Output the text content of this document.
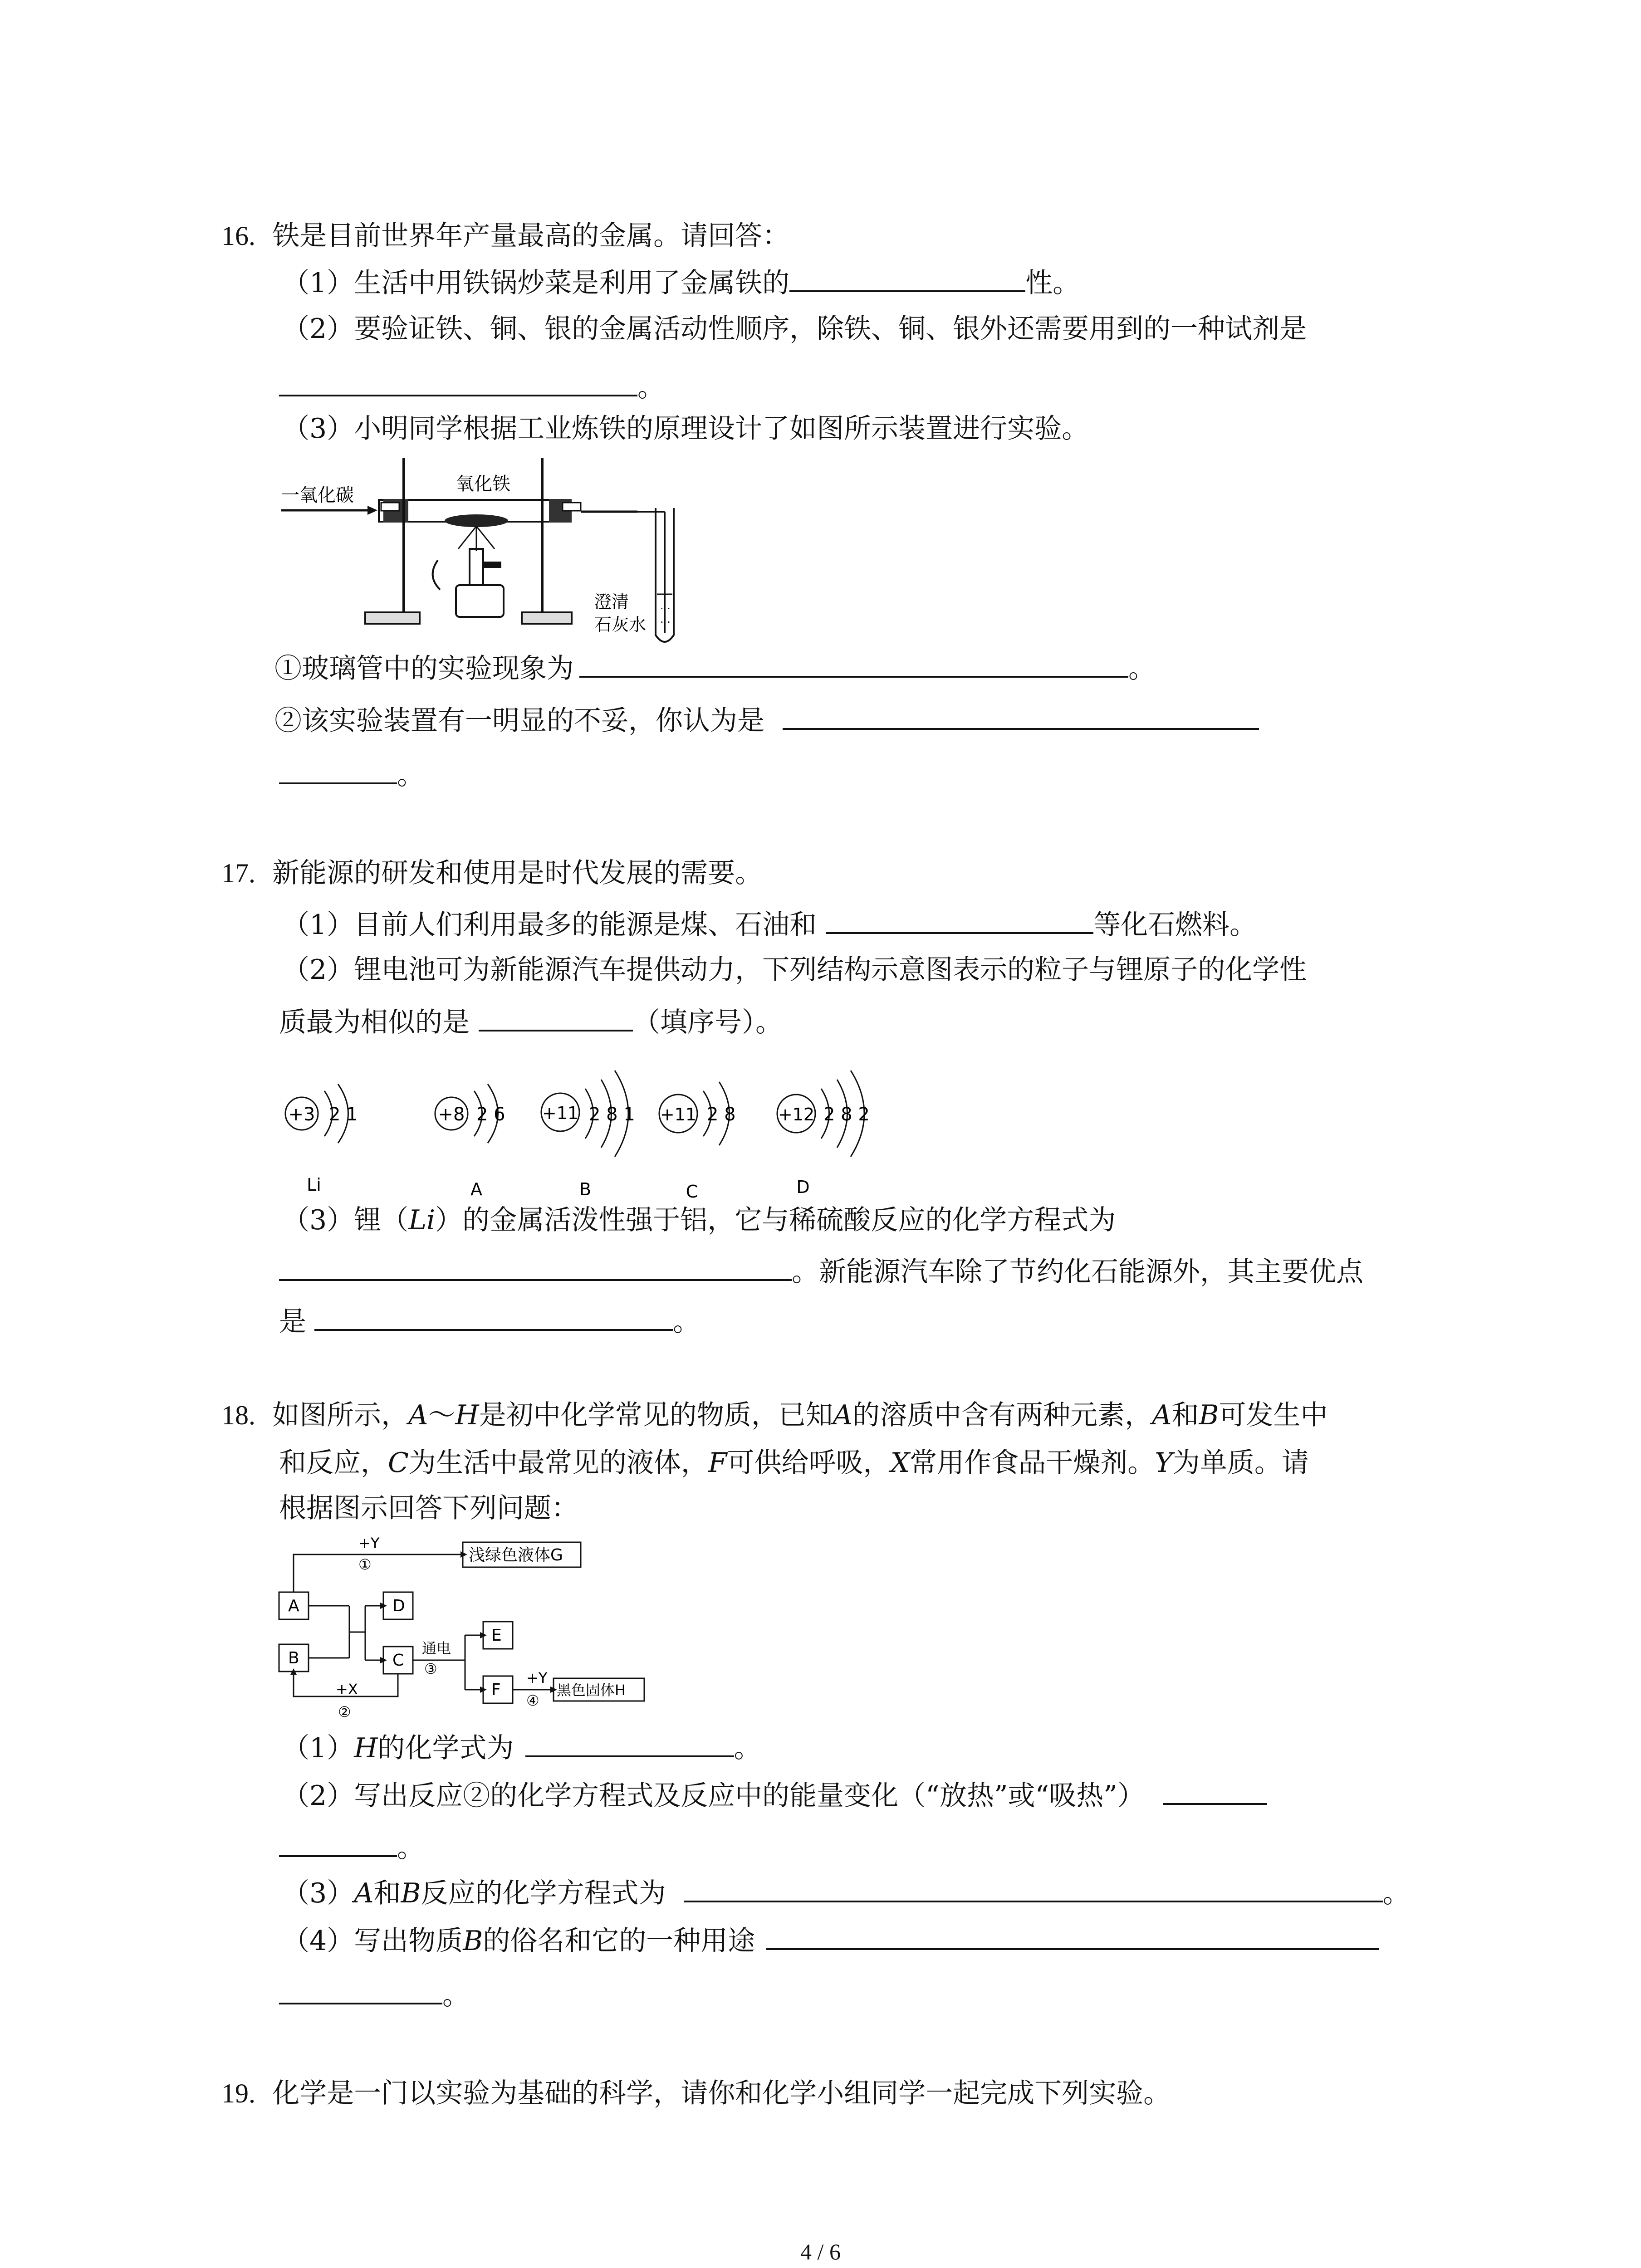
16. 铁是目前世界年产量最高的金属。请回答：
（1）生活中用铁锅炒菜是利用了金属铁的	性。
（2）要验证铁、铜、银的金属活动性顺序，除铁、铜、银外还需要用到的一种试剂是
。
（3）小明同学根据工业炼铁的原理设计了如图所示装置进行实验。
一氧化碳
氧化铁
· ·
· ·
澄清
石灰水
①玻璃管中的实验现象为	。
②该实验装置有一明显的不妥，你认为是
。
17. 新能源的研发和使用是时代发展的需要。
（1）目前人们利用最多的能源是煤、石油和	等化石燃料。
（2）锂电池可为新能源汽车提供动力，下列结构示意图表示的粒子与锂原子的化学性
质最为相似的是	（填序号）。
+3 2 1
Li
+8 2 6
A
+11 2 8 1
B
+11 2 8
C
+12 2 8 2
D
（3）锂（Li）的金属活泼性强于铝，它与稀硫酸反应的化学方程式为
。新能源汽车除了节约化石能源外，其主要优点
是	。
18. 如图所示，A～H是初中化学常见的物质，已知A的溶质中含有两种元素，A和B可发生中
和反应，C为生活中最常见的液体，F可供给呼吸，X常用作食品干燥剂。Y为单质。请
根据图示回答下列问题：
+Y
①	浅绿色液体G
A
B
D
C
E
F	黑色固体H
通电
③
+Y
④
+X
②
（1）H的化学式为	。
（2）写出反应②的化学方程式及反应中的能量变化（“放热”或“吸热”）
。
（3）A和B反应的化学方程式为	。
（4）写出物质B的俗名和它的一种用途
。
19. 化学是一门以实验为基础的科学，请你和化学小组同学一起完成下列实验。
4 / 6
